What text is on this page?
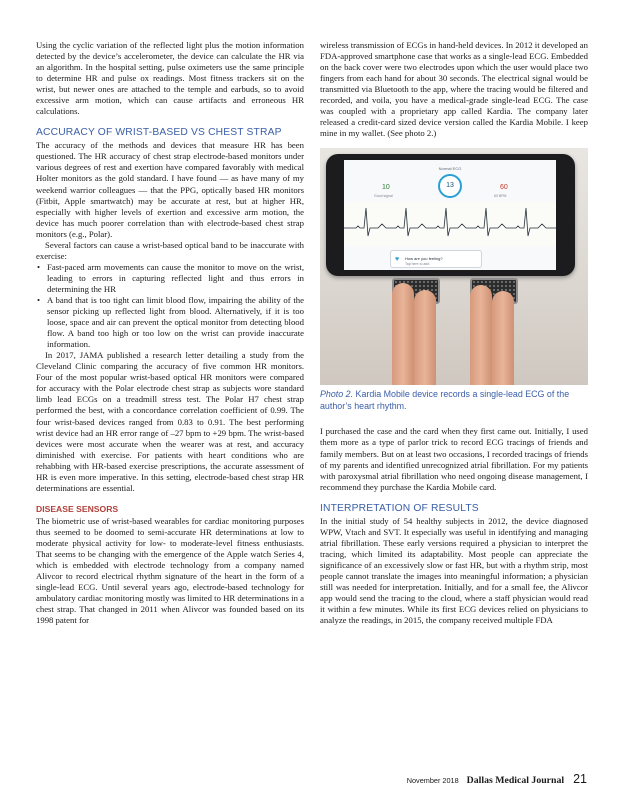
Using the cyclic variation of the reflected light plus the motion information detected by the device’s accelerometer, the device can calculate the HR via an algorithm. In the hospital setting, pulse oximeters use the same principle to determine HR and pulse ox readings. Most fitness trackers sit on the wrist, but newer ones are attached to the temple and earbuds, so to avoid excessive arm motion, which can cause artifacts and erroneous HR calculations.

ACCURACY OF WRIST-BASED VS CHEST STRAP

The accuracy of the methods and devices that measure HR has been questioned. The HR accuracy of chest strap electrode-based monitors under various degrees of rest and exertion have compared favorably with medical Holter monitors as the gold standard. I have found — as have many of my weekend warrior colleagues — that the PPG, optically based HR monitors (Fitbit, Apple smartwatch) may be accurate at rest, but at higher HR, especially with higher levels of exertion and excessive arm motion, the device has much poorer correlation than with electrode-based chest strap monitors (e.g., Polar).

Several factors can cause a wrist-based optical band to be inaccurate with exercise:

• Fast-paced arm movements can cause the monitor to move on the wrist, leading to errors in capturing reflected light and thus errors in determining the HR
• A band that is too tight can limit blood flow, impairing the ability of the sensor picking up reflected light from blood. Alternatively, if it is too loose, space and air can prevent the optical monitor from detecting blood flow. A band too high or too low on the wrist can provide inaccurate information.

In 2017, JAMA published a research letter detailing a study from the Cleveland Clinic comparing the accuracy of five common HR monitors. Four of the most popular wrist-based optical HR monitors were compared for accuracy with the Polar electrode chest strap as subjects wore standard limb lead ECGs on a treadmill stress test. The Polar H7 chest strap performed the best, with a concordance correlation coefficient of 0.99. The four wrist-based devices ranged from 0.83 to 0.91. The best performing wrist device had an HR error range of –27 bpm to +29 bpm. The wrist-based devices were most accurate when the wearer was at rest, and accuracy diminished with exercise. For patients with heart conditions who are rehabbing with HR-based exercise prescriptions, the accurate assessment of HR is even more imperative. In this setting, electrode-based chest strap HR determinations are essential.

DISEASE SENSORS

The biometric use of wrist-based wearables for cardiac monitoring purposes thus seemed to be doomed to semi-accurate HR determinations at low to moderate physical activity for low- to moderate-level fitness enthusiasts. That seems to be changing with the emergence of the Apple watch Series 4, which is embedded with electrode technology from a company named Alivcor to record electrical rhythm signature of the heart in the form of a single-lead ECG. Until several years ago, electrode-based technology for ambulatory cardiac monitoring mostly was limited to HR determinations in a chest strap. That changed in 2011 when Alivcor was founded based on its 1998 patent for

wireless transmission of ECGs in hand-held devices. In 2012 it developed an FDA-approved smartphone case that works as a single-lead ECG. Embedded on the back cover were two electrodes upon which the user would place two fingers from each hand for about 30 seconds. The electrical signal would be transmitted via Bluetooth to the app, where the tracing would be filtered and recorded, and voila, you have a medical-grade single-lead ECG. The case was coupled with a proprietary app called Kardia. The company later released a credit-card sized device version called the Kardia Mobile. I keep mine in my wallet. (See photo 2.)

Normal ECG
10
Good signal
13	60
60 BPM
♥ How are you feeling?
Tap here to add
Photo 2. Kardia Mobile device records a single-lead ECG of the author’s heart rhythm.

I purchased the case and the card when they first came out. Initially, I used them more as a type of parlor trick to record ECG tracings of friends and family members. But on at least two occasions, I recorded tracings of friends of my parents and identified unrecognized atrial fibrillation. For my patients with paroxysmal atrial fibrillation who need ongoing disease management, I recommend they purchase the Kardia Mobile card.

INTERPRETATION OF RESULTS

In the initial study of 54 healthy subjects in 2012, the device diagnosed WPW, Vtach and SVT. It especially was useful in identifying and managing atrial fibrillation. These early versions required a physician to interpret the tracing, which limited its adaptability. Most people can appreciate the significance of an excessively slow or fast HR, but with a rhythm strip, most people cannot translate the images into meaningful information; a physician still was needed for interpretation. Initially, and for a small fee, the Alivcor app would send the tracing to the cloud, where a staff physician would read it within a few minutes. While its first ECG devices relied on physicians to analyze the readings, in 2015, the company received multiple FDA

November 2018 Dallas Medical Journal 21
